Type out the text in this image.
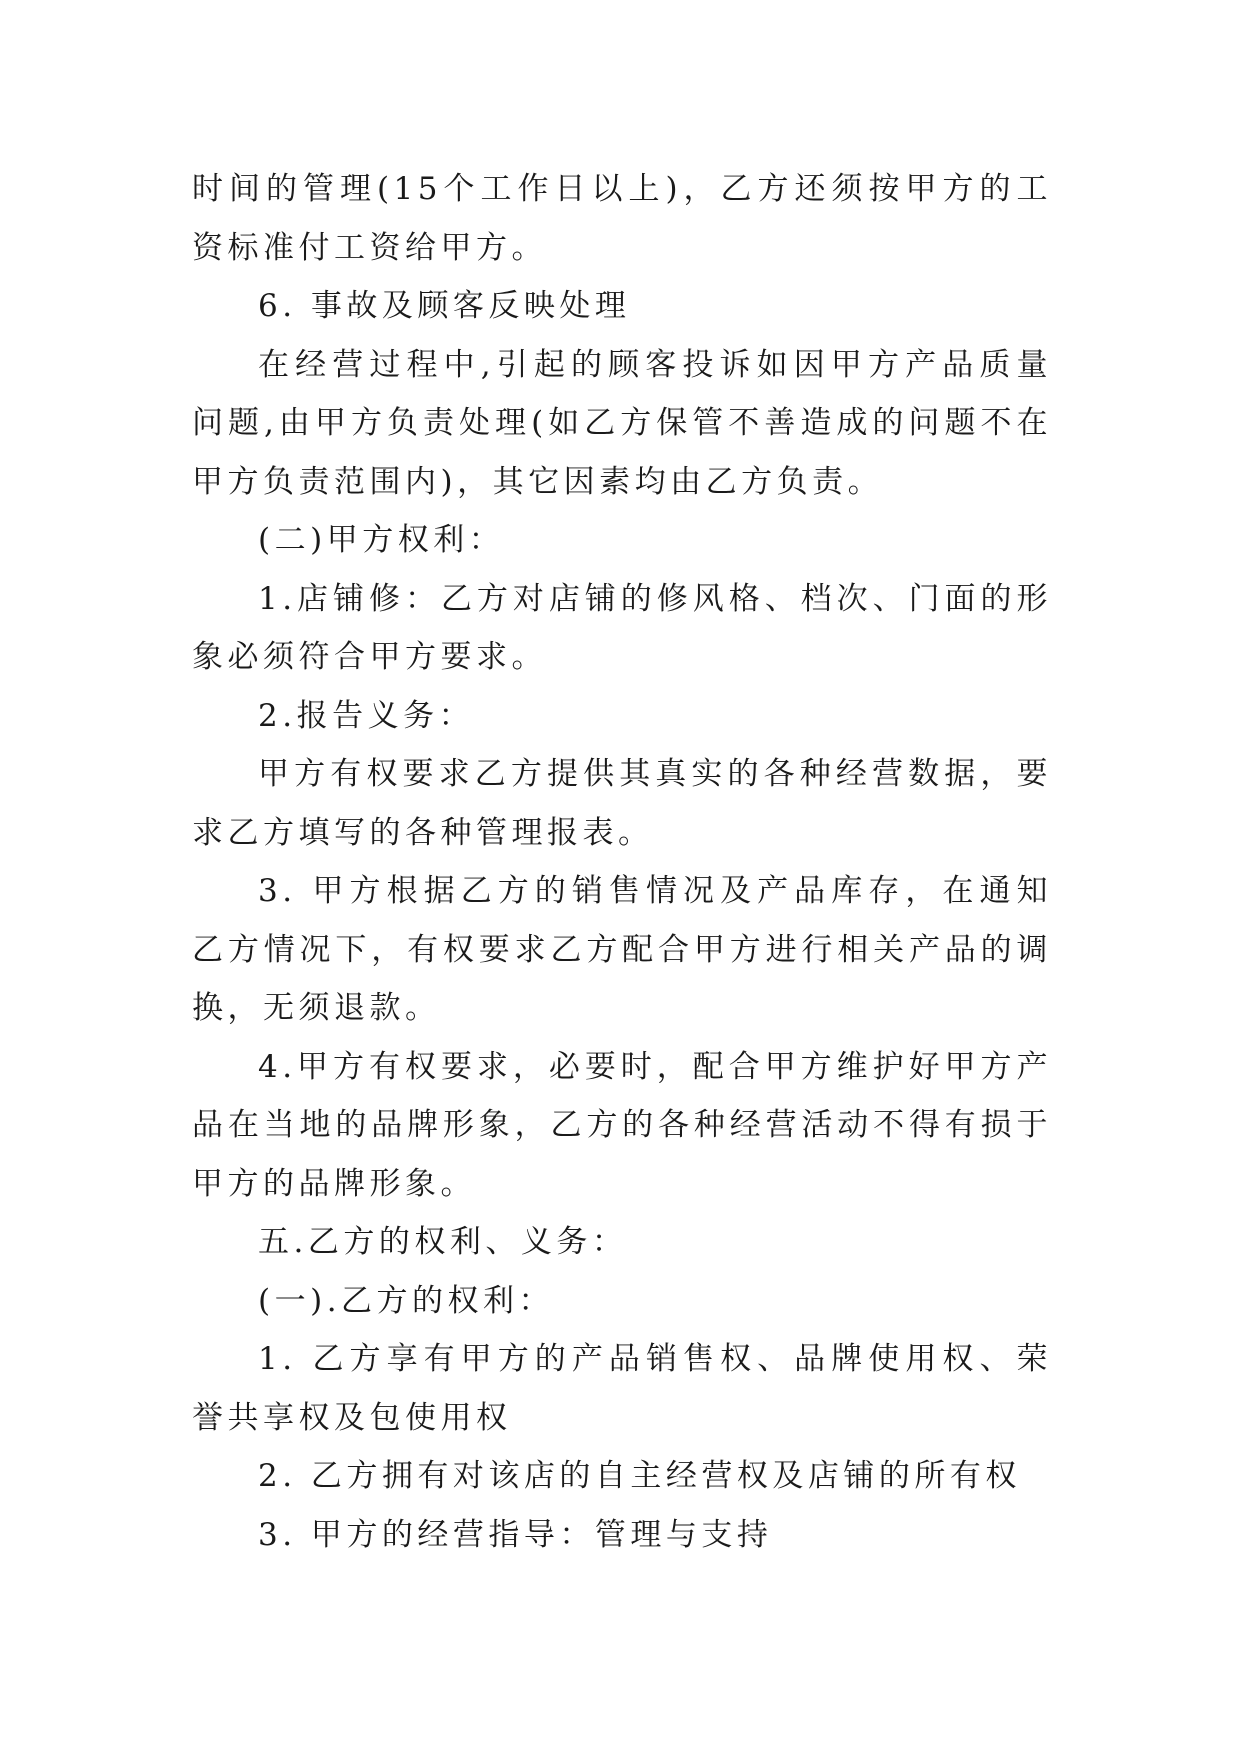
时间的管理(15个工作日以上)，乙方还须按甲方的工资标准付工资给甲方。

6. 事故及顾客反映处理

在经营过程中,引起的顾客投诉如因甲方产品质量问题,由甲方负责处理(如乙方保管不善造成的问题不在甲方负责范围内)，其它因素均由乙方负责。

(二)甲方权利：

1.店铺修：乙方对店铺的修风格、档次、门面的形象必须符合甲方要求。

2.报告义务：

甲方有权要求乙方提供其真实的各种经营数据，要求乙方填写的各种管理报表。

3. 甲方根据乙方的销售情况及产品库存，在通知乙方情况下，有权要求乙方配合甲方进行相关产品的调换，无须退款。

4.甲方有权要求，必要时，配合甲方维护好甲方产品在当地的品牌形象，乙方的各种经营活动不得有损于甲方的品牌形象。

五.乙方的权利、义务：

(一).乙方的权利：

1. 乙方享有甲方的产品销售权、品牌使用权、荣誉共享权及包使用权

2. 乙方拥有对该店的自主经营权及店铺的所有权

3. 甲方的经营指导：管理与支持
